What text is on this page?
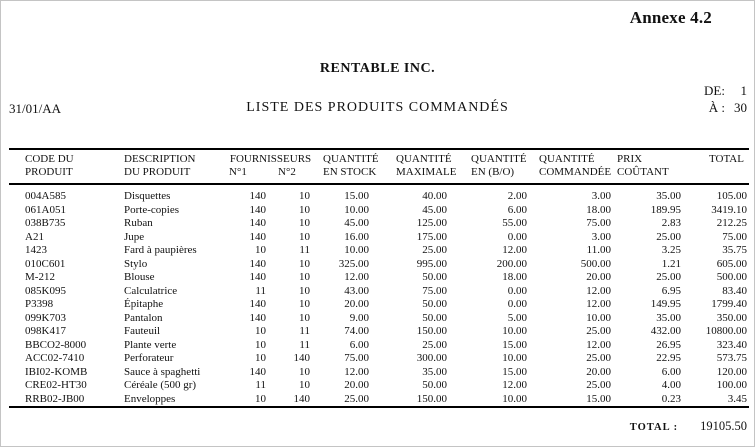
Annexe 4.2
RENTABLE INC.
31/01/AA	LISTE DES PRODUITS COMMANDÉS
DE: 1
À : 30
CODE DU	DESCRIPTION	FOURNISSEURS		QUANTITÉ	QUANTITÉ	QUANTITÉ	QUANTITÉ	PRIX	TOTAL
PRODUIT	DU PRODUIT	N°1	N°2	EN STOCK	MAXIMALE	EN (B/O)	COMMANDÉE	COÛTANT	
004A585	Disquettes	140	10	15.00	40.00	2.00	3.00	35.00	105.00
061A051	Porte-copies	140	10	10.00	45.00	6.00	18.00	189.95	3419.10
038B735	Ruban	140	10	45.00	125.00	55.00	75.00	2.83	212.25
A21	Jupe	140	10	16.00	175.00	0.00	3.00	25.00	75.00
1423	Fard à paupières	10	11	10.00	25.00	12.00	11.00	3.25	35.75
010C601	Stylo	140	10	325.00	995.00	200.00	500.00	1.21	605.00
M-212	Blouse	140	10	12.00	50.00	18.00	20.00	25.00	500.00
085K095	Calculatrice	11	10	43.00	75.00	0.00	12.00	6.95	83.40
P3398	Épitaphe	140	10	20.00	50.00	0.00	12.00	149.95	1799.40
099K703	Pantalon	140	10	9.00	50.00	5.00	10.00	35.00	350.00
098K417	Fauteuil	10	11	74.00	150.00	10.00	25.00	432.00	10800.00
BBCO2-8000	Plante verte	10	11	6.00	25.00	15.00	12.00	26.95	323.40
ACC02-7410	Perforateur	10	140	75.00	300.00	10.00	25.00	22.95	573.75
IBI02-KOMB	Sauce à spaghetti	140	10	12.00	35.00	15.00	20.00	6.00	120.00
CRE02-HT30	Céréale (500 gr)	11	10	20.00	50.00	12.00	25.00	4.00	100.00
RRB02-JB00	Enveloppes	10	140	25.00	150.00	10.00	15.00	0.23	3.45
TOTAL : 19105.50
